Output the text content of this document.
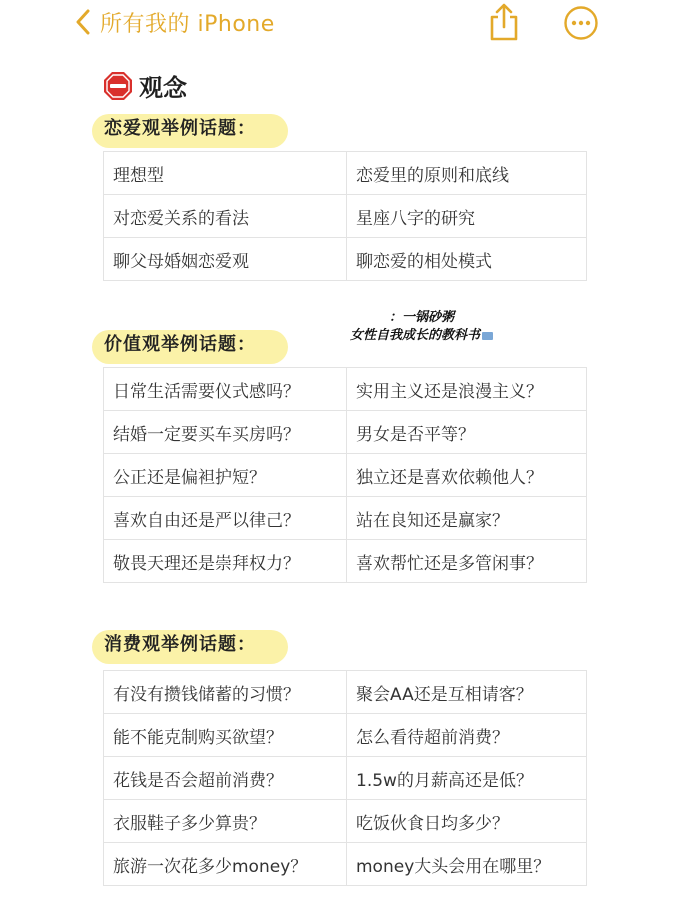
所有我的 iPhone
观念
恋爱观举例话题：
理想型	恋爱里的原则和底线
对恋爱关系的看法	星座八字的研究
聊父母婚姻恋爱观	聊恋爱的相处模式
：一锅砂粥
女性自我成长的教科书
价值观举例话题：
日常生活需要仪式感吗？	实用主义还是浪漫主义？
结婚一定要买车买房吗？	男女是否平等？
公正还是偏袒护短？	独立还是喜欢依赖他人？
喜欢自由还是严以律己？	站在良知还是赢家？
敬畏天理还是崇拜权力？	喜欢帮忙还是多管闲事？
消费观举例话题：
有没有攒钱储蓄的习惯？	聚会AA还是互相请客？
能不能克制购买欲望？	怎么看待超前消费？
花钱是否会超前消费？	1.5w的月薪高还是低？
衣服鞋子多少算贵？	吃饭伙食日均多少？
旅游一次花多少money？	money大头会用在哪里？
